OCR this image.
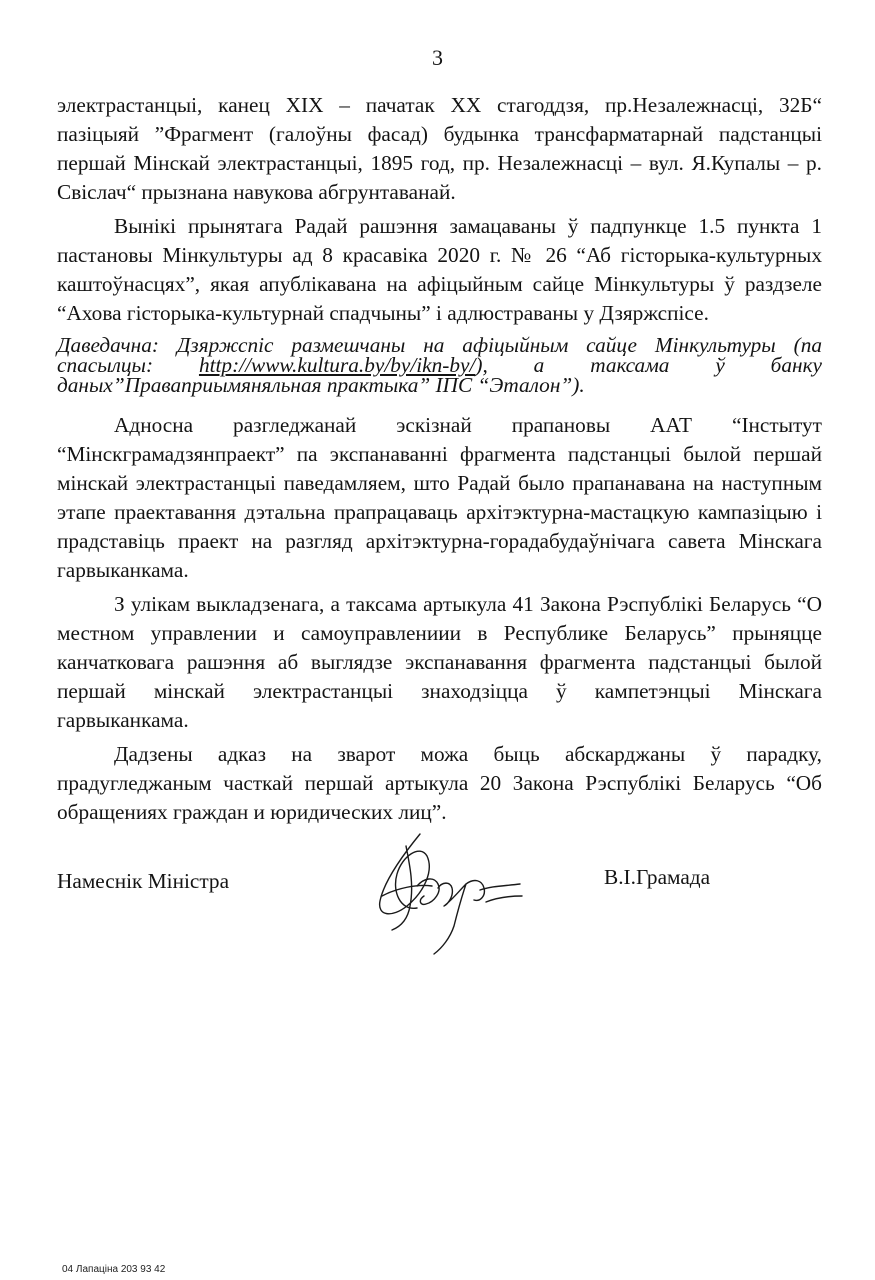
3

электрастанцыі, канец XIX – пачатак XX стагоддзя, пр.Незалежнасці, 32Б“ пазіцыяй ”Фрагмент (галоўны фасад) будынка трансфарматарнай падстанцыі першай Мінскай электрастанцыі, 1895 год, пр. Незалежнасці – вул. Я.Купалы – р. Свіслач“ прызнана навукова абгрунтаванай.

Вынікі прынятага Радай рашэння замацаваны ў падпункце 1.5 пункта 1 пастановы Мінкультуры ад 8 красавіка 2020 г. № 26 “Аб гісторыка-культурных каштоўнасцях”, якая апублікавана на афіцыйным сайце Мінкультуры ў раздзеле “Ахова гісторыка-культурнай спадчыны” і адлюстраваны у Дзяржспісе.

Даведачна: Дзяржспіс размешчаны на афіцыйным сайце Мінкультуры (па спасылцы: http://www.kultura.by/by/ikn-by/), а таксама ў банку даных”Праваприымяняльная практыка” ІПС “Эталон”).

Адносна разгледжанай эскізнай прапановы ААТ “Інстытут “Мінскграмадзянпраект” па экспанаванні фрагмента падстанцыі былой першай мінскай электрастанцыі паведамляем, што Радай было прапанавана на наступным этапе праектавання дэтальна прапрацаваць архітэктурна-мастацкую кампазіцыю і прадставіць праект на разгляд архітэктурна-горадабудаўнічага савета Мінскага гарвыканкама.

З улікам выкладзенага, а таксама артыкула 41 Закона Рэспублікі Беларусь “О местном управлении и самоуправлениии в Республике Беларусь” прыняцце канчатковага рашэння аб выглядзе экспанавання фрагмента падстанцыі былой першай мінскай электрастанцыі знаходзіцца ў кампетэнцыі Мінскага гарвыканкама.

Дадзены адказ на зварот можа быць абскарджаны ў парадку, прадугледжаным часткай першай артыкула 20 Закона Рэспублікі Беларусь “Об обращениях граждан и юридических лиц”.

Намеснік Міністра	В.І.Грамада
04 Лапаціна 203 93 42
